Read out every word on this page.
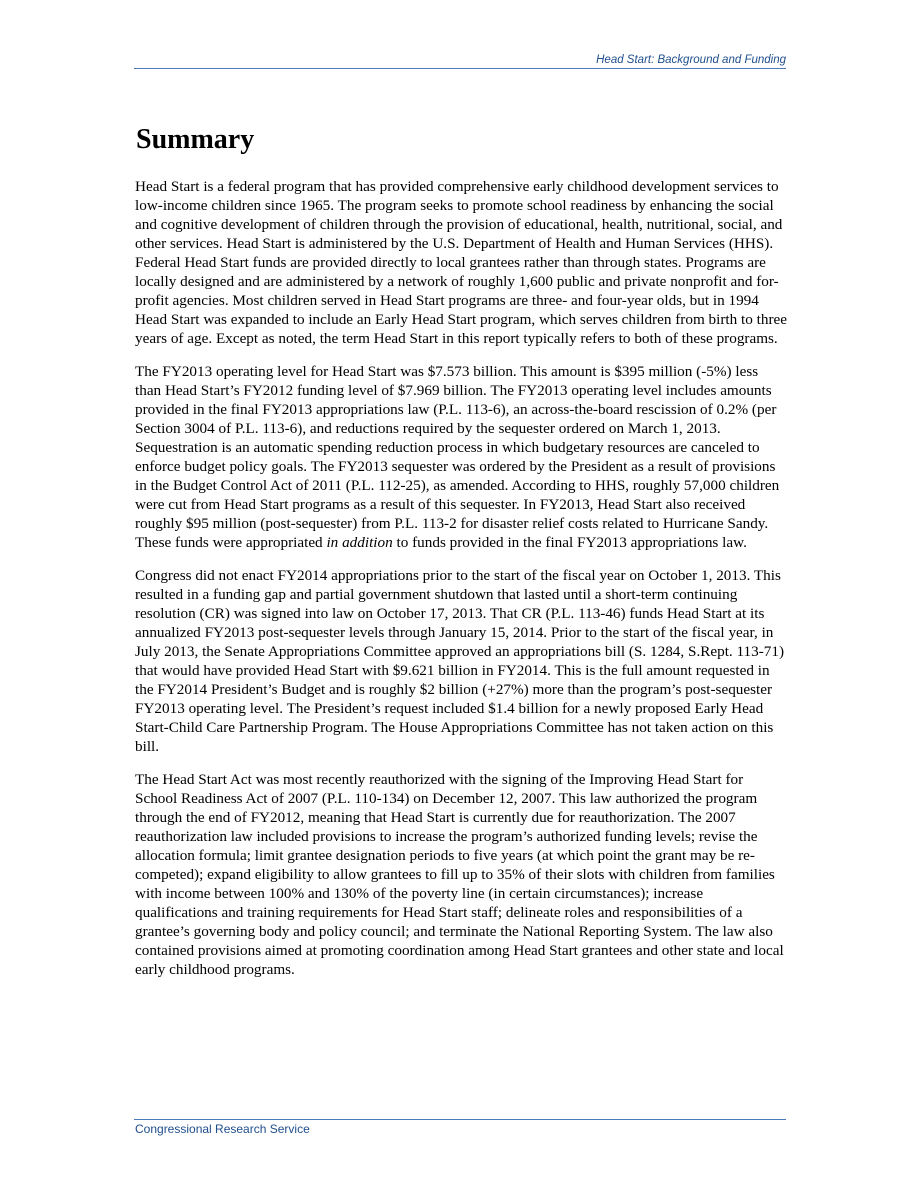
Head Start: Background and Funding
Summary

Head Start is a federal program that has provided comprehensive early childhood development services to low-income children since 1965. The program seeks to promote school readiness by enhancing the social and cognitive development of children through the provision of educational, health, nutritional, social, and other services. Head Start is administered by the U.S. Department of Health and Human Services (HHS). Federal Head Start funds are provided directly to local grantees rather than through states. Programs are locally designed and are administered by a network of roughly 1,600 public and private nonprofit and for-profit agencies. Most children served in Head Start programs are three- and four-year olds, but in 1994 Head Start was expanded to include an Early Head Start program, which serves children from birth to three years of age. Except as noted, the term Head Start in this report typically refers to both of these programs.

The FY2013 operating level for Head Start was $7.573 billion. This amount is $395 million (-5%) less than Head Start’s FY2012 funding level of $7.969 billion. The FY2013 operating level includes amounts provided in the final FY2013 appropriations law (P.L. 113-6), an across-the-board rescission of 0.2% (per Section 3004 of P.L. 113-6), and reductions required by the sequester ordered on March 1, 2013. Sequestration is an automatic spending reduction process in which budgetary resources are canceled to enforce budget policy goals. The FY2013 sequester was ordered by the President as a result of provisions in the Budget Control Act of 2011 (P.L. 112-25), as amended. According to HHS, roughly 57,000 children were cut from Head Start programs as a result of this sequester. In FY2013, Head Start also received roughly $95 million (post-sequester) from P.L. 113-2 for disaster relief costs related to Hurricane Sandy. These funds were appropriated in addition to funds provided in the final FY2013 appropriations law.

Congress did not enact FY2014 appropriations prior to the start of the fiscal year on October 1, 2013. This resulted in a funding gap and partial government shutdown that lasted until a short-term continuing resolution (CR) was signed into law on October 17, 2013. That CR (P.L. 113-46) funds Head Start at its annualized FY2013 post-sequester levels through January 15, 2014. Prior to the start of the fiscal year, in July 2013, the Senate Appropriations Committee approved an appropriations bill (S. 1284, S.Rept. 113-71) that would have provided Head Start with $9.621 billion in FY2014. This is the full amount requested in the FY2014 President’s Budget and is roughly $2 billion (+27%) more than the program’s post-sequester FY2013 operating level. The President’s request included $1.4 billion for a newly proposed Early Head Start-Child Care Partnership Program. The House Appropriations Committee has not taken action on this bill.

The Head Start Act was most recently reauthorized with the signing of the Improving Head Start for School Readiness Act of 2007 (P.L. 110-134) on December 12, 2007. This law authorized the program through the end of FY2012, meaning that Head Start is currently due for reauthorization. The 2007 reauthorization law included provisions to increase the program’s authorized funding levels; revise the allocation formula; limit grantee designation periods to five years (at which point the grant may be re-competed); expand eligibility to allow grantees to fill up to 35% of their slots with children from families with income between 100% and 130% of the poverty line (in certain circumstances); increase qualifications and training requirements for Head Start staff; delineate roles and responsibilities of a grantee’s governing body and policy council; and terminate the National Reporting System. The law also contained provisions aimed at promoting coordination among Head Start grantees and other state and local early childhood programs.

Congressional Research Service
